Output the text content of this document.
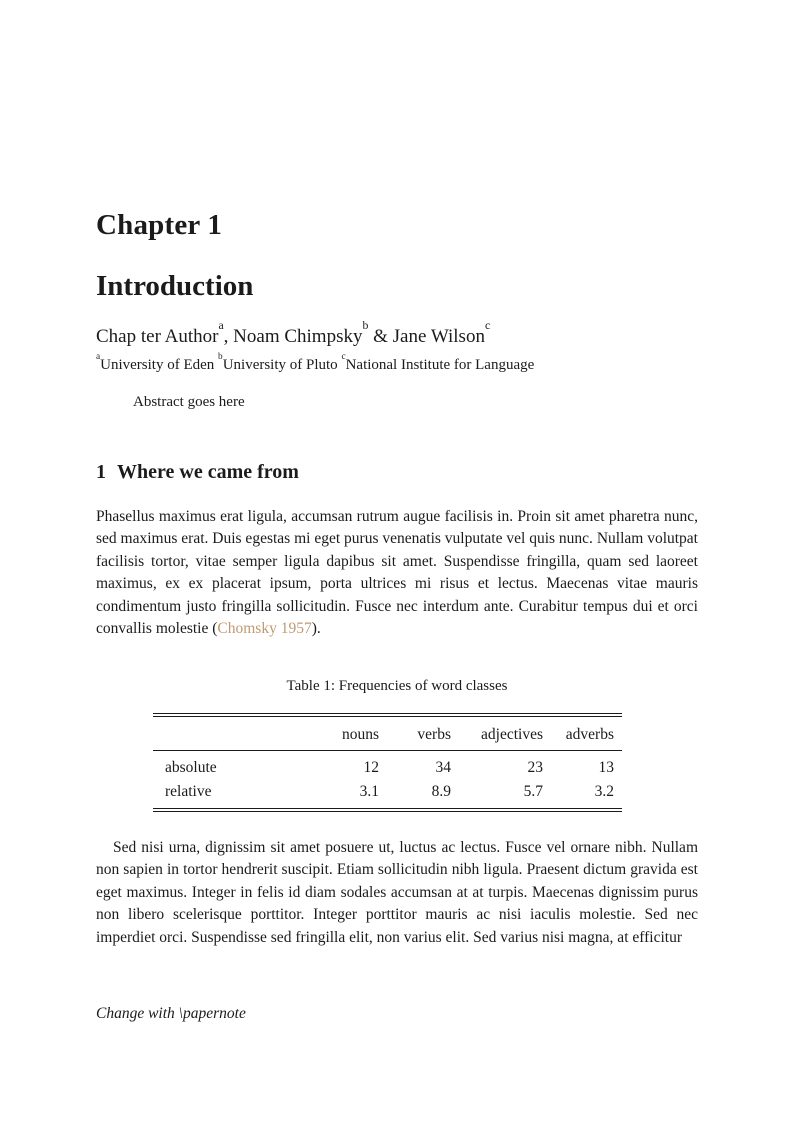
Chapter 1
Introduction
Chap ter Author$^a$, Noam Chimpsky$^b$ & Jane Wilson$^c$
$^a$University of Eden $^b$University of Pluto $^c$National Institute for Language
Abstract goes here
1 Where we came from

Phasellus maximus erat ligula, accumsan rutrum augue facilisis in. Proin sit amet pharetra nunc, sed maximus erat. Duis egestas mi eget purus venenatis vulputate vel quis nunc. Nullam volutpat facilisis tortor, vitae semper ligula dapibus sit amet. Suspendisse fringilla, quam sed laoreet maximus, ex ex placerat ipsum, porta ultrices mi risus et lectus. Maecenas vitae mauris condimentum justo fringilla sollicitudin. Fusce nec interdum ante. Curabitur tempus dui et orci convallis molestie (Chomsky 1957).

Table 1: Frequencies of word classes
	nouns	verbs	adjectives	adverbs
absolute	12	34	23	13
relative	3.1	8.9	5.7	3.2

Sed nisi urna, dignissim sit amet posuere ut, luctus ac lectus. Fusce vel ornare nibh. Nullam non sapien in tortor hendrerit suscipit. Etiam sollicitudin nibh ligula. Praesent dictum gravida est eget maximus. Integer in felis id diam sodales accumsan at at turpis. Maecenas dignissim purus non libero scelerisque porttitor. Integer porttitor mauris ac nisi iaculis molestie. Sed nec imperdiet orci. Suspendisse sed fringilla elit, non varius elit. Sed varius nisi magna, at efficitur

Change with \papernote
